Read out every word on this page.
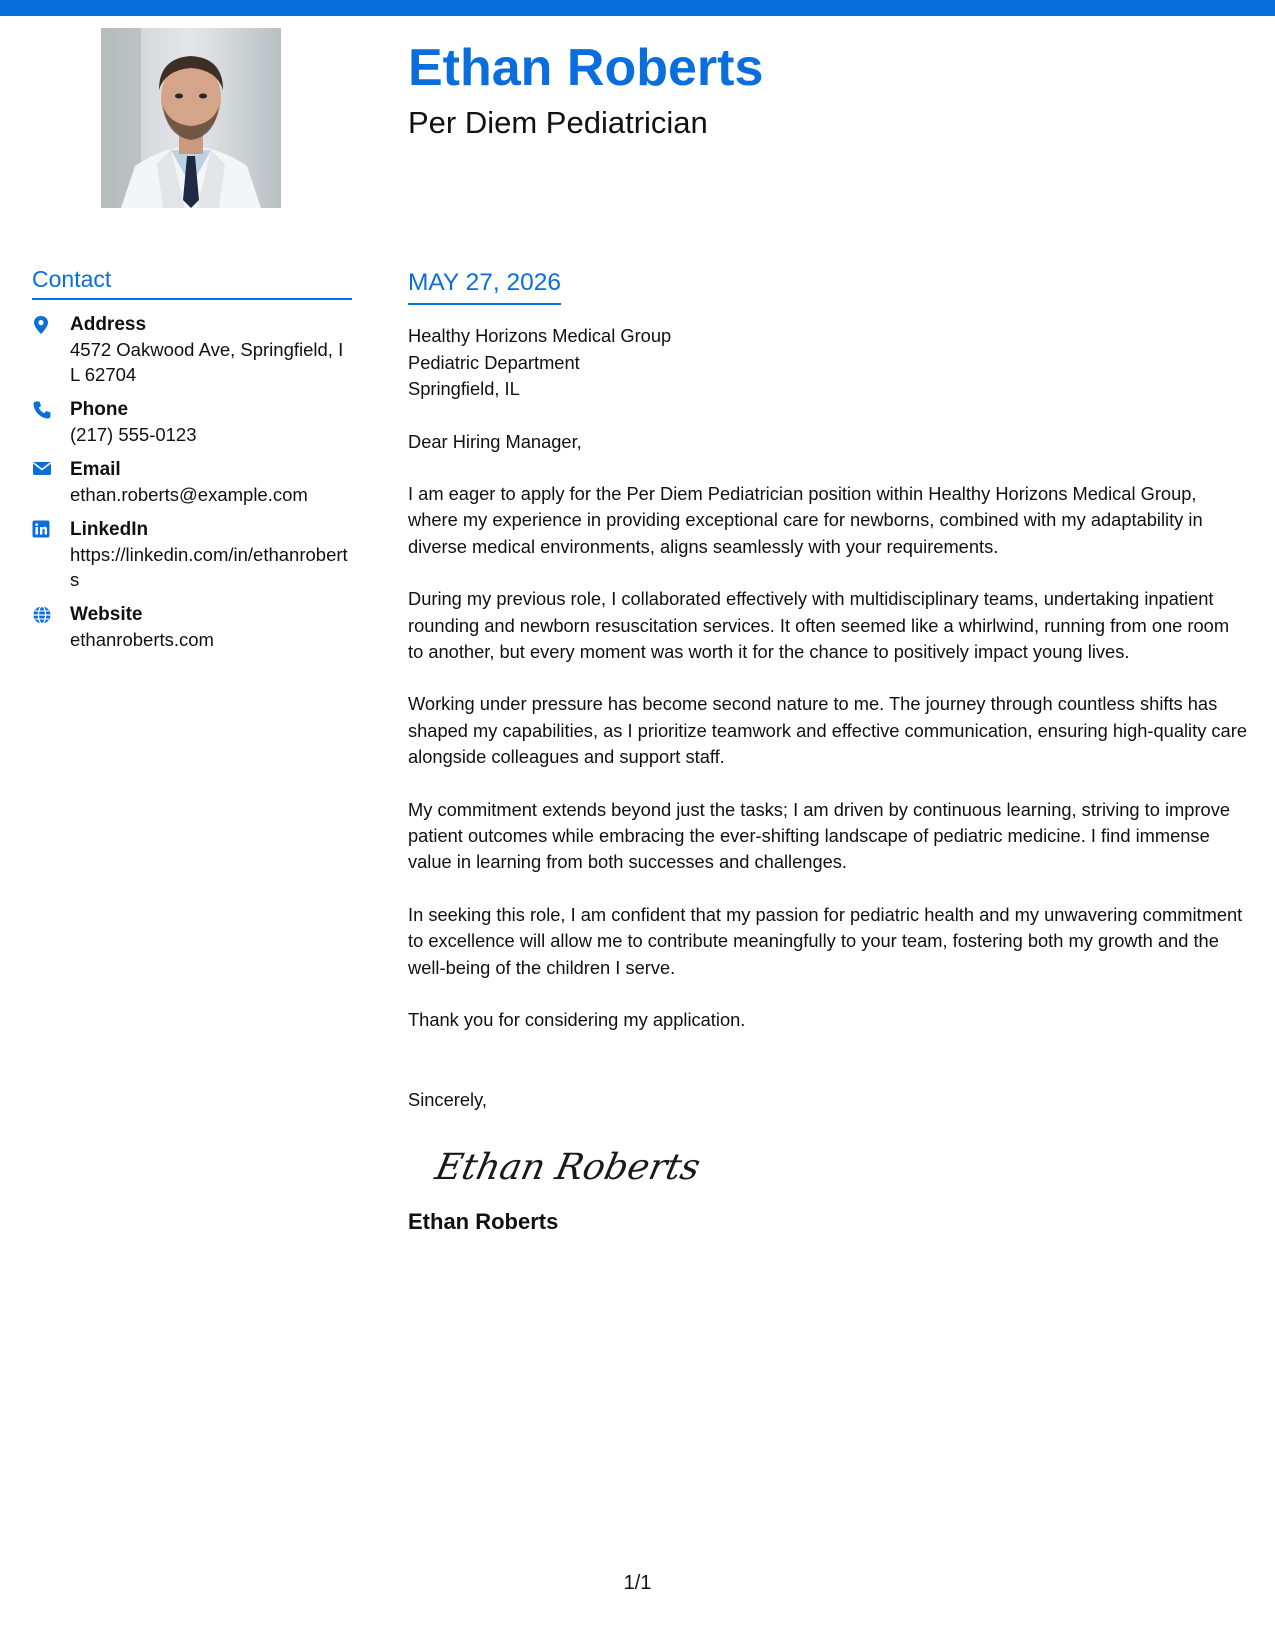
Ethan Roberts
Per Diem Pediatrician
Contact
Address
4572 Oakwood Ave, Springfield, IL 62704
Phone
(217) 555-0123
Email
ethan.roberts@example.com
LinkedIn
https://linkedin.com/in/ethanroberts
Website
ethanroberts.com
MAY 27, 2026
Healthy Horizons Medical Group
Pediatric Department
Springfield, IL
Dear Hiring Manager,
I am eager to apply for the Per Diem Pediatrician position within Healthy Horizons Medical Group, where my experience in providing exceptional care for newborns, combined with my adaptability in diverse medical environments, aligns seamlessly with your requirements.
During my previous role, I collaborated effectively with multidisciplinary teams, undertaking inpatient rounding and newborn resuscitation services. It often seemed like a whirlwind, running from one room to another, but every moment was worth it for the chance to positively impact young lives.
Working under pressure has become second nature to me. The journey through countless shifts has shaped my capabilities, as I prioritize teamwork and effective communication, ensuring high-quality care alongside colleagues and support staff.
My commitment extends beyond just the tasks; I am driven by continuous learning, striving to improve patient outcomes while embracing the ever-shifting landscape of pediatric medicine. I find immense value in learning from both successes and challenges.
In seeking this role, I am confident that my passion for pediatric health and my unwavering commitment to excellence will allow me to contribute meaningfully to your team, fostering both my growth and the well-being of the children I serve.
Thank you for considering my application.
Sincerely,
Ethan Roberts
Ethan Roberts
1/1
